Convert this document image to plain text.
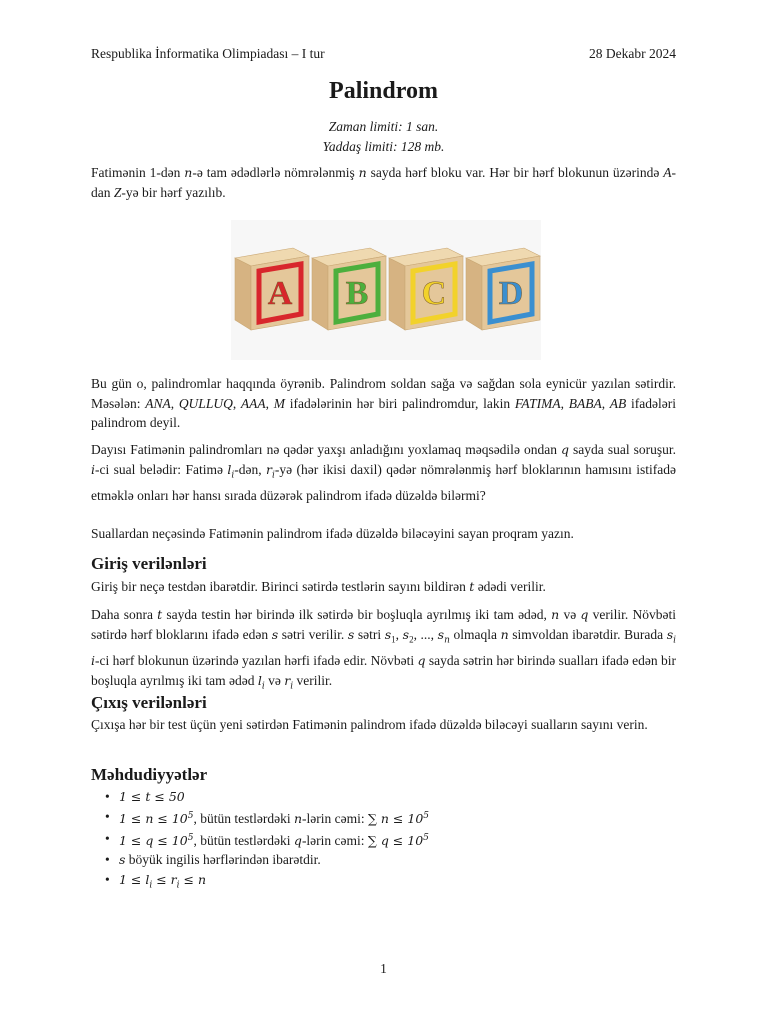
Respublika İnformatika Olimpiadası – I tur	28 Dekabr 2024
Palindrom
Zaman limiti: 1 san.
Yaddaş limiti: 128 mb.

Fatimənin 1-dən n-ə tam ədədlərlə nömrələnmiş n sayda hərf bloku var. Hər bir hərf blokunun üzərində A-dan Z-yə bir hərf yazılıb.

A B C D

Bu gün o, palindromlar haqqında öyrənib. Palindrom soldan sağa və sağdan sola eynicür yazılan sətirdir. Məsələn: ANA, QULLUQ, AAA, M ifadələrinin hər biri palindromdur, lakin FATIMA, BABA, AB ifadələri palindrom deyil.

Dayısı Fatimənin palindromları nə qədər yaxşı anladığını yoxlamaq məqsədilə ondan q sayda sual soruşur. i-ci sual belədir: Fatimə $l_i$-dən, $r_i-yə$ (hər ikisi daxil) qədər nömrələnmiş hərf bloklarının hamısını istifadə etməklə onları hər hansı sırada düzərək palindrom ifadə düzəldə bilərmi?

Suallardan neçəsində Fatimənin palindrom ifadə düzəldə biləcəyini sayan proqram yazın.

Giriş verilənləri

Giriş bir neçə testdən ibarətdir. Birinci sətirdə testlərin sayını bildirən t ədədi verilir.

Daha sonra t sayda testin hər birində ilk sətirdə bir boşluqla ayrılmış iki tam ədəd, n və q verilir. Növbəti sətirdə hərf bloklarını ifadə edən s sətri verilir. s sətri $s_1$, $s_2$, ..., $s_n$ olmaqla n simvoldan ibarətdir. Burada $s_i$ i-ci hərf blokunun üzərində yazılan hərfi ifadə edir. Növbəti q sayda sətrin hər birində sualları ifadə edən bir boşluqla ayrılmış iki tam ədəd $l_i$ və $r_i$ verilir.

Çıxış verilənləri

Çıxışa hər bir test üçün yeni sətirdən Fatimənin palindrom ifadə düzəldə biləcəyi sualların sayını verin.

Məhdudiyyətlər
• 1 ≤ t ≤ 50
• $1 \le n \le 10^5$, bütün testlərdəki n-lərin cəmi: ∑ $n \le 10^5$
• $1 \le q \le 10^5$, bütün testlərdəki q-lərin cəmi: ∑ $q \le 10^5$
• s böyük ingilis hərflərindən ibarətdir.
• $1 \le l_i \le r_i \le n$
1
